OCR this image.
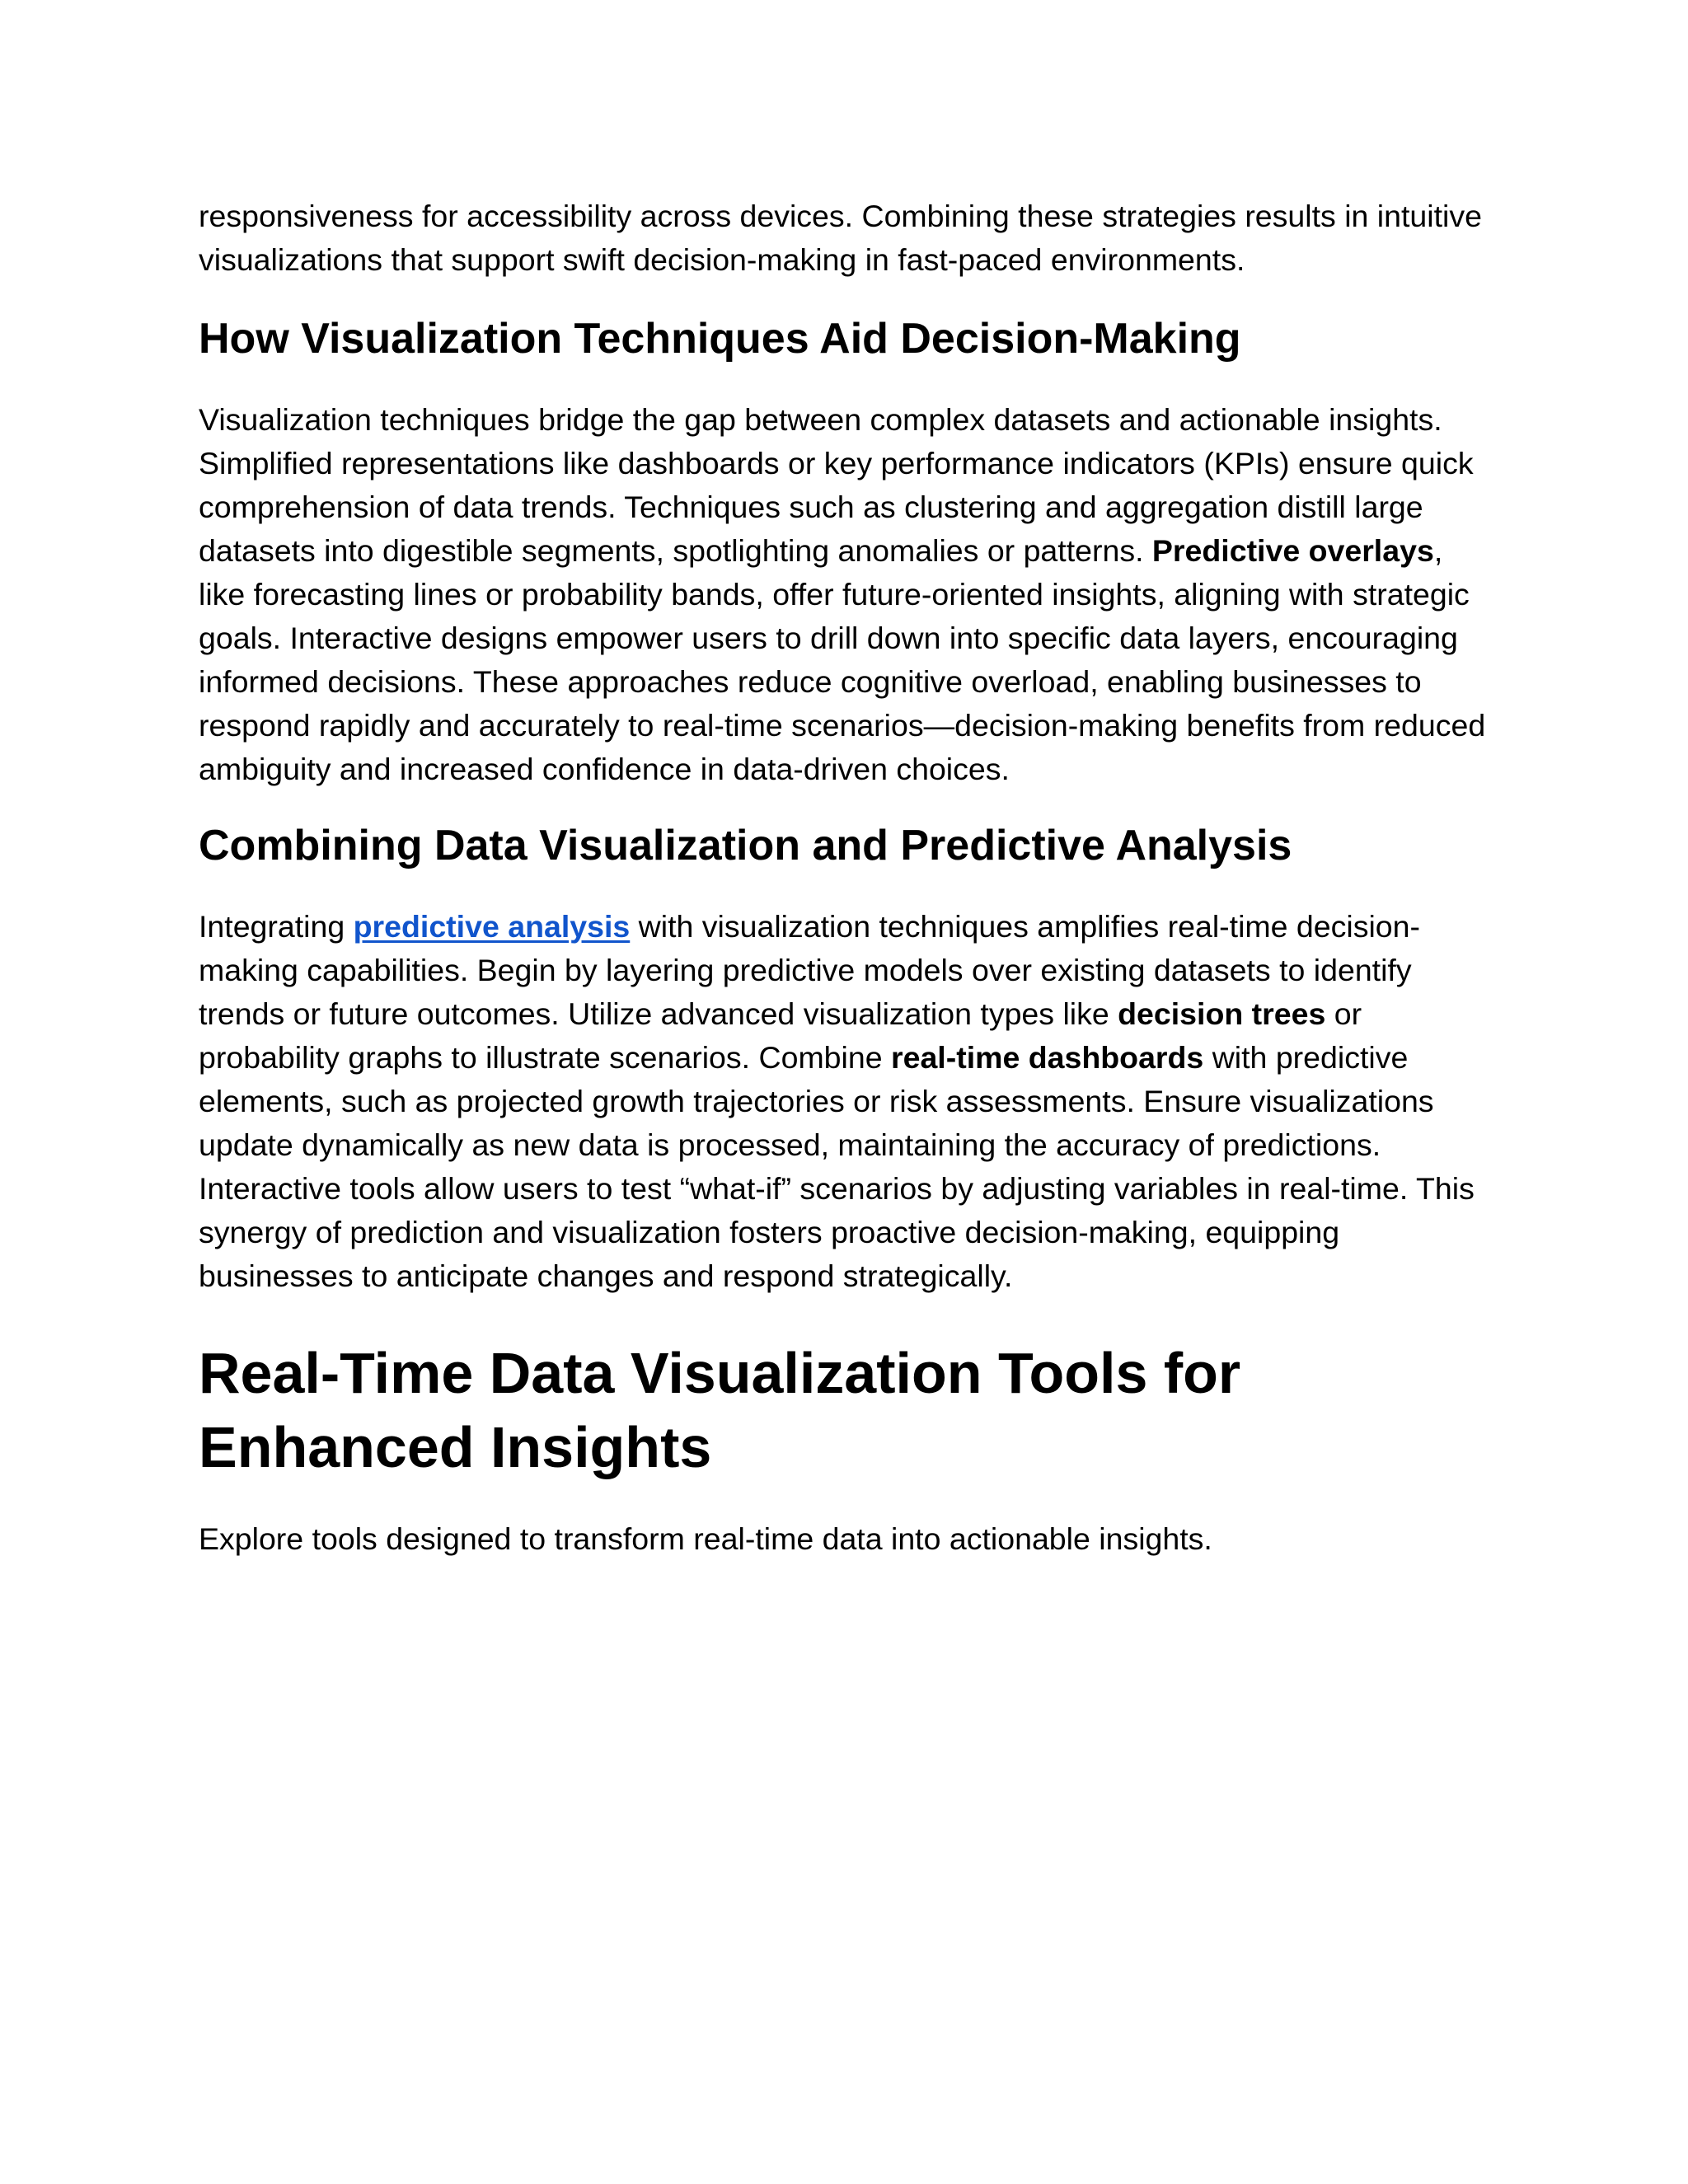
responsiveness for accessibility across devices. Combining these strategies results in intuitive visualizations that support swift decision-making in fast-paced environments.

How Visualization Techniques Aid Decision-Making

Visualization techniques bridge the gap between complex datasets and actionable insights. Simplified representations like dashboards or key performance indicators (KPIs) ensure quick comprehension of data trends. Techniques such as clustering and aggregation distill large datasets into digestible segments, spotlighting anomalies or patterns. Predictive overlays, like forecasting lines or probability bands, offer future-oriented insights, aligning with strategic goals. Interactive designs empower users to drill down into specific data layers, encouraging informed decisions. These approaches reduce cognitive overload, enabling businesses to respond rapidly and accurately to real-time scenarios—decision-making benefits from reduced ambiguity and increased confidence in data-driven choices.

Combining Data Visualization and Predictive Analysis

Integrating predictive analysis with visualization techniques amplifies real-time decision-making capabilities. Begin by layering predictive models over existing datasets to identify trends or future outcomes. Utilize advanced visualization types like decision trees or probability graphs to illustrate scenarios. Combine real-time dashboards with predictive elements, such as projected growth trajectories or risk assessments. Ensure visualizations update dynamically as new data is processed, maintaining the accuracy of predictions. Interactive tools allow users to test “what-if” scenarios by adjusting variables in real-time. This synergy of prediction and visualization fosters proactive decision-making, equipping businesses to anticipate changes and respond strategically.

Real-Time Data Visualization Tools for Enhanced Insights

Explore tools designed to transform real-time data into actionable insights.
